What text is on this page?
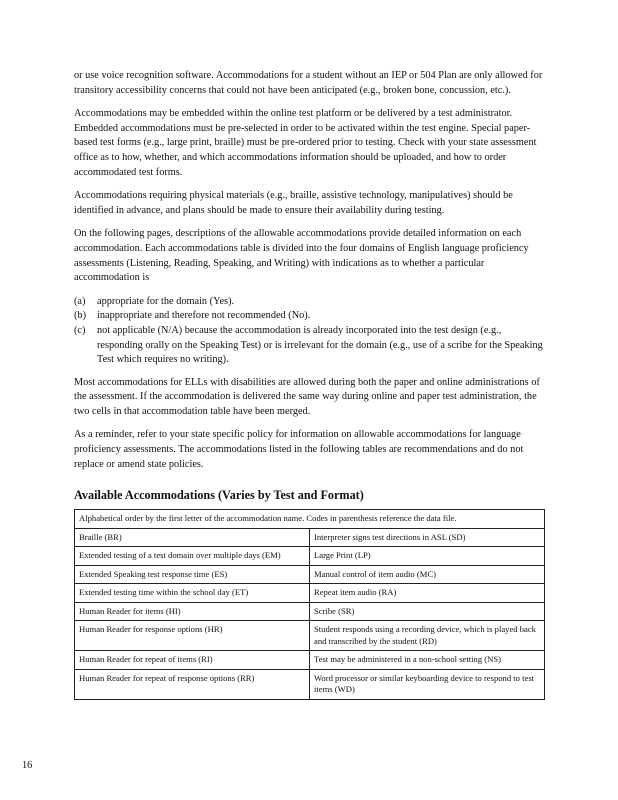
or use voice recognition software. Accommodations for a student without an IEP or 504 Plan are only allowed for transitory accessibility concerns that could not have been anticipated (e.g., broken bone, concussion, etc.).

Accommodations may be embedded within the online test platform or be delivered by a test administrator. Embedded accommodations must be pre-selected in order to be activated within the test engine. Special paper-based test forms (e.g., large print, braille) must be pre-ordered prior to testing. Check with your state assessment office as to how, whether, and which accommodations information should be uploaded, and how to order accommodated test forms.

Accommodations requiring physical materials (e.g., braille, assistive technology, manipulatives) should be identified in advance, and plans should be made to ensure their availability during testing.

On the following pages, descriptions of the allowable accommodations provide detailed information on each accommodation. Each accommodations table is divided into the four domains of English language proficiency assessments (Listening, Reading, Speaking, and Writing) with indications as to whether a particular accommodation is

(a)	appropriate for the domain (Yes).
(b)	inappropriate and therefore not recommended (No).
(c)	not applicable (N/A) because the accommodation is already incorporated into the test design (e.g., responding orally on the Speaking Test) or is irrelevant for the domain (e.g., use of a scribe for the Speaking Test which requires no writing).

Most accommodations for ELLs with disabilities are allowed during both the paper and online administrations of the assessment. If the accommodation is delivered the same way during online and paper test administration, the two cells in that accommodation table have been merged.

As a reminder, refer to your state specific policy for information on allowable accommodations for language proficiency assessments. The accommodations listed in the following tables are recommendations and do not replace or amend state policies.

Available Accommodations (Varies by Test and Format)
Alphabetical order by the first letter of the accommodation name. Codes in parenthesis reference the data file.	
Braille (BR)	Interpreter signs test directions in ASL (SD)
Extended testing of a test domain over multiple days (EM)	Large Print (LP)
Extended Speaking test response time (ES)	Manual control of item audio (MC)
Extended testing time within the school day (ET)	Repeat item audio (RA)
Human Reader for items (HI)	Scribe (SR)
Human Reader for response options (HR)	Student responds using a recording device, which is played back and transcribed by the student (RD)
Human Reader for repeat of items (RI)	Test may be administered in a non-school setting (NS)
Human Reader for repeat of response options (RR)	Word processor or similar keyboarding device to respond to test items (WD)
16
